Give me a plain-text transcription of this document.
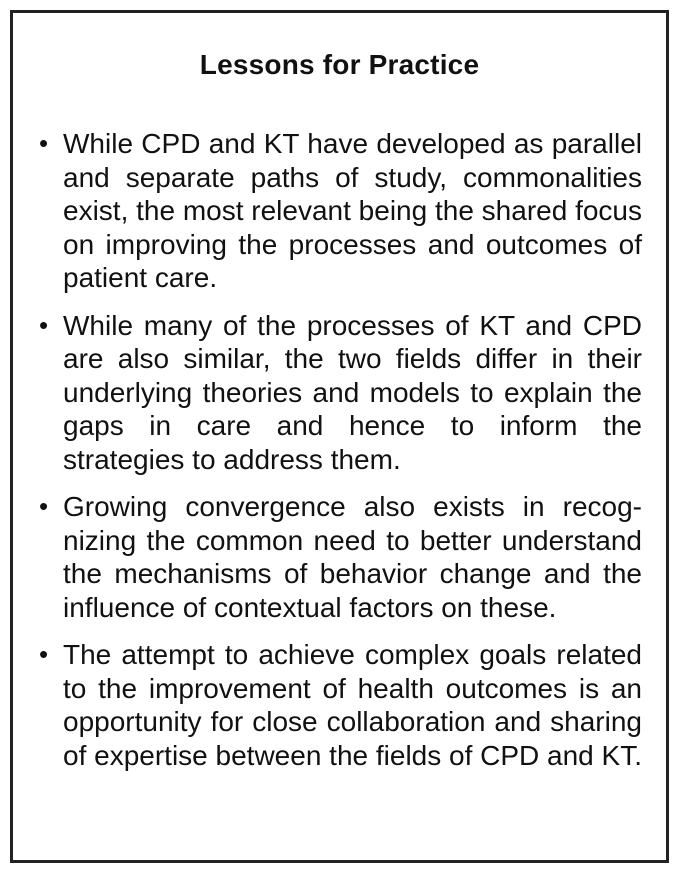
Lessons for Practice
• While CPD and KT have developed as parallel and separate paths of study, commonalities exist, the most relevant being the shared focus on improving the processes and outcomes of patient care.
• While many of the processes of KT and CPD are also similar, the two fields differ in their underlying theories and models to explain the gaps in care and hence to inform the strategies to address them.
• Growing convergence also exists in recognizing the common need to better understand the mechanisms of behavior change and the influence of contextual factors on these.
• The attempt to achieve complex goals related to the improvement of health outcomes is an opportunity for close collaboration and sharing of expertise between the fields of CPD and KT.
